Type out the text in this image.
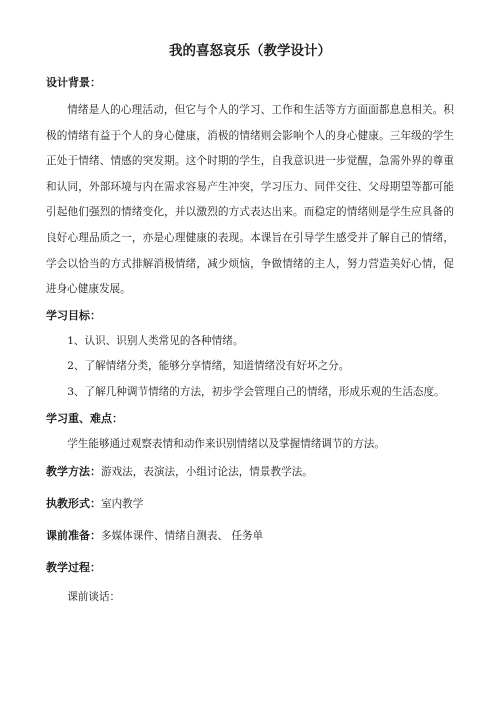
我的喜怒哀乐（教学设计）

设计背景：

情绪是人的心理活动，但它与个人的学习、工作和生活等方方面面都息息相关。积极的情绪有益于个人的身心健康，消极的情绪则会影响个人的身心健康。三年级的学生正处于情绪、情感的突发期。这个时期的学生，自我意识进一步觉醒，急需外界的尊重和认同，外部环境与内在需求容易产生冲突，学习压力、同伴交往、父母期望等都可能引起他们强烈的情绪变化，并以激烈的方式表达出来。而稳定的情绪则是学生应具备的良好心理品质之一，亦是心理健康的表现。本课旨在引导学生感受并了解自己的情绪，学会以恰当的方式排解消极情绪，减少烦恼，争做情绪的主人，努力营造美好心情，促进身心健康发展。

学习目标：

1、认识、识别人类常见的各种情绪。

2、了解情绪分类，能够分享情绪，知道情绪没有好坏之分。

3、了解几种调节情绪的方法，初步学会管理自己的情绪，形成乐观的生活态度。

学习重、难点：

学生能够通过观察表情和动作来识别情绪以及掌握情绪调节的方法。

教学方法：游戏法，表演法，小组讨论法，情景教学法。

执教形式：室内教学

课前准备：多媒体课件、情绪自测表、 任务单

教学过程：

课前谈话：
